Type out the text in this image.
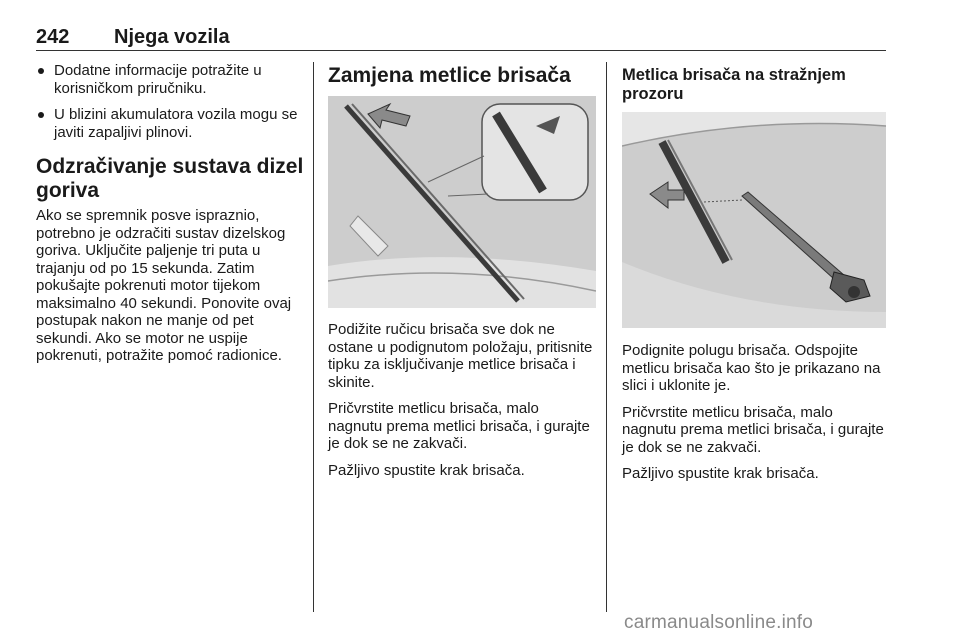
242 Njega vozila
Dodatne informacije potražite u korisničkom priručniku.
U blizini akumulatora vozila mogu se javiti zapaljivi plinovi.
Odzračivanje sustava dizel goriva

Ako se spremnik posve ispraznio, potrebno je odzračiti sustav dizelskog goriva. Uključite paljenje tri puta u trajanju od po 15 sekunda. Zatim pokušajte pokrenuti motor tijekom maksimalno 40 sekundi. Ponovite ovaj postupak nakon ne manje od pet sekundi. Ako se motor ne uspije pokrenuti, potražite pomoć radionice.

Zamjena metlice brisača

Podižite ručicu brisača sve dok ne ostane u podignutom položaju, pritisnite tipku za isključivanje metlice brisača i skinite.

Pričvrstite metlicu brisača, malo nagnutu prema metlici brisača, i gurajte je dok se ne zakvači.

Pažljivo spustite krak brisača.

Metlica brisača na stražnjem prozoru

Podignite polugu brisača. Odspojite metlicu brisača kao što je prikazano na slici i uklonite je.

Pričvrstite metlicu brisača, malo nagnutu prema metlici brisača, i gurajte je dok se ne zakvači.

Pažljivo spustite krak brisača.

carmanualsonline.info
